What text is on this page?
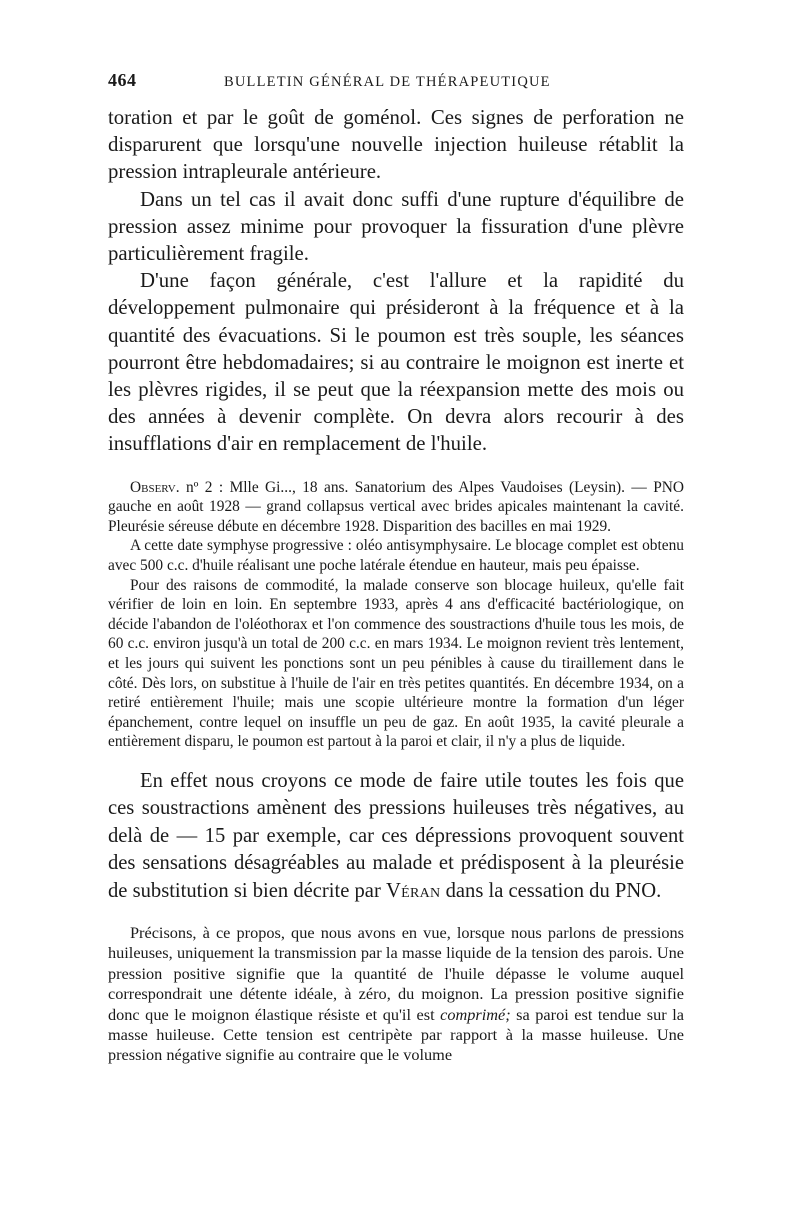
464	BULLETIN GÉNÉRAL DE THÉRAPEUTIQUE

toration et par le goût de goménol. Ces signes de perforation ne disparurent que lorsqu'une nouvelle injection huileuse rétablit la pression intrapleurale antérieure.

Dans un tel cas il avait donc suffi d'une rupture d'équilibre de pression assez minime pour provoquer la fissuration d'une plèvre particulièrement fragile.

D'une façon générale, c'est l'allure et la rapidité du développement pulmonaire qui présideront à la fréquence et à la quantité des évacuations. Si le poumon est très souple, les séances pourront être hebdomadaires; si au contraire le moignon est inerte et les plèvres rigides, il se peut que la réexpansion mette des mois ou des années à devenir complète. On devra alors recourir à des insufflations d'air en remplacement de l'huile.

Observ. nº 2 : Mlle Gi..., 18 ans. Sanatorium des Alpes Vaudoises (Leysin). — PNO gauche en août 1928 — grand collapsus vertical avec brides apicales maintenant la cavité. Pleurésie séreuse débute en décembre 1928. Disparition des bacilles en mai 1929.

A cette date symphyse progressive : oléo antisymphysaire. Le blocage complet est obtenu avec 500 c.c. d'huile réalisant une poche latérale étendue en hauteur, mais peu épaisse.

Pour des raisons de commodité, la malade conserve son blocage huileux, qu'elle fait vérifier de loin en loin. En septembre 1933, après 4 ans d'efficacité bactériologique, on décide l'abandon de l'oléothorax et l'on commence des soustractions d'huile tous les mois, de 60 c.c. environ jusqu'à un total de 200 c.c. en mars 1934. Le moignon revient très lentement, et les jours qui suivent les ponctions sont un peu pénibles à cause du tiraillement dans le côté. Dès lors, on substitue à l'huile de l'air en très petites quantités. En décembre 1934, on a retiré entièrement l'huile; mais une scopie ultérieure montre la formation d'un léger épanchement, contre lequel on insuffle un peu de gaz. En août 1935, la cavité pleurale a entièrement disparu, le poumon est partout à la paroi et clair, il n'y a plus de liquide.

En effet nous croyons ce mode de faire utile toutes les fois que ces soustractions amènent des pressions huileuses très négatives, au delà de — 15 par exemple, car ces dépressions provoquent souvent des sensations désagréables au malade et prédisposent à la pleurésie de substitution si bien décrite par Véran dans la cessation du PNO.

Précisons, à ce propos, que nous avons en vue, lorsque nous parlons de pressions huileuses, uniquement la transmission par la masse liquide de la tension des parois. Une pression positive signifie que la quantité de l'huile dépasse le volume auquel correspondrait une détente idéale, à zéro, du moignon. La pression positive signifie donc que le moignon élastique résiste et qu'il est comprimé; sa paroi est tendue sur la masse huileuse. Cette tension est centripète par rapport à la masse huileuse. Une pression négative signifie au contraire que le volume
